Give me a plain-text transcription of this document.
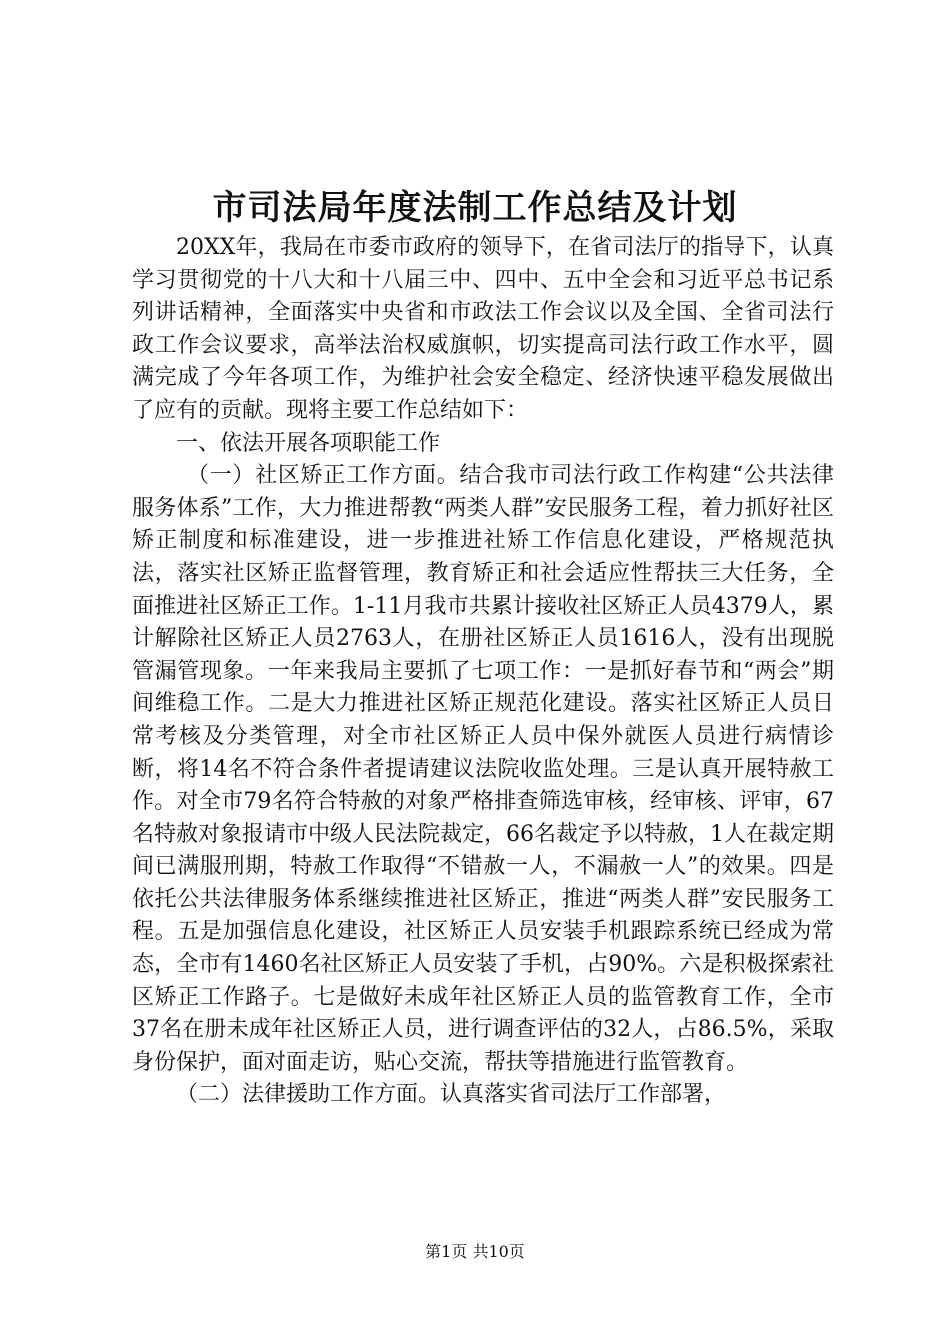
市司法局年度法制工作总结及计划

20XX年，我局在市委市政府的领导下，在省司法厅的指导下，认真学习贯彻党的十八大和十八届三中、四中、五中全会和习近平总书记系列讲话精神，全面落实中央省和市政法工作会议以及全国、全省司法行政工作会议要求，高举法治权威旗帜，切实提高司法行政工作水平，圆满完成了今年各项工作，为维护社会安全稳定、经济快速平稳发展做出了应有的贡献。现将主要工作总结如下：

一、依法开展各项职能工作

（一）社区矫正工作方面。结合我市司法行政工作构建“公共法律服务体系”工作，大力推进帮教“两类人群”安民服务工程，着力抓好社区矫正制度和标准建设，进一步推进社矫工作信息化建设，严格规范执法，落实社区矫正监督管理，教育矫正和社会适应性帮扶三大任务，全面推进社区矫正工作。1-11月我市共累计接收社区矫正人员4379人，累计解除社区矫正人员2763人，在册社区矫正人员1616人，没有出现脱管漏管现象。一年来我局主要抓了七项工作：一是抓好春节和“两会”期间维稳工作。二是大力推进社区矫正规范化建设。落实社区矫正人员日常考核及分类管理，对全市社区矫正人员中保外就医人员进行病情诊断，将14名不符合条件者提请建议法院收监处理。三是认真开展特赦工作。对全市79名符合特赦的对象严格排查筛选审核，经审核、评审，67名特赦对象报请市中级人民法院裁定，66名裁定予以特赦，1人在裁定期间已满服刑期，特赦工作取得“不错赦一人，不漏赦一人”的效果。四是依托公共法律服务体系继续推进社区矫正，推进“两类人群”安民服务工程。五是加强信息化建设，社区矫正人员安装手机跟踪系统已经成为常态，全市有1460名社区矫正人员安装了手机，占90%。六是积极探索社区矫正工作路子。七是做好未成年社区矫正人员的监管教育工作，全市37名在册未成年社区矫正人员，进行调查评估的32人，占86.5%，采取身份保护，面对面走访，贴心交流，帮扶等措施进行监管教育。

（二）法律援助工作方面。认真落实省司法厅工作部署，

第1页 共10页
